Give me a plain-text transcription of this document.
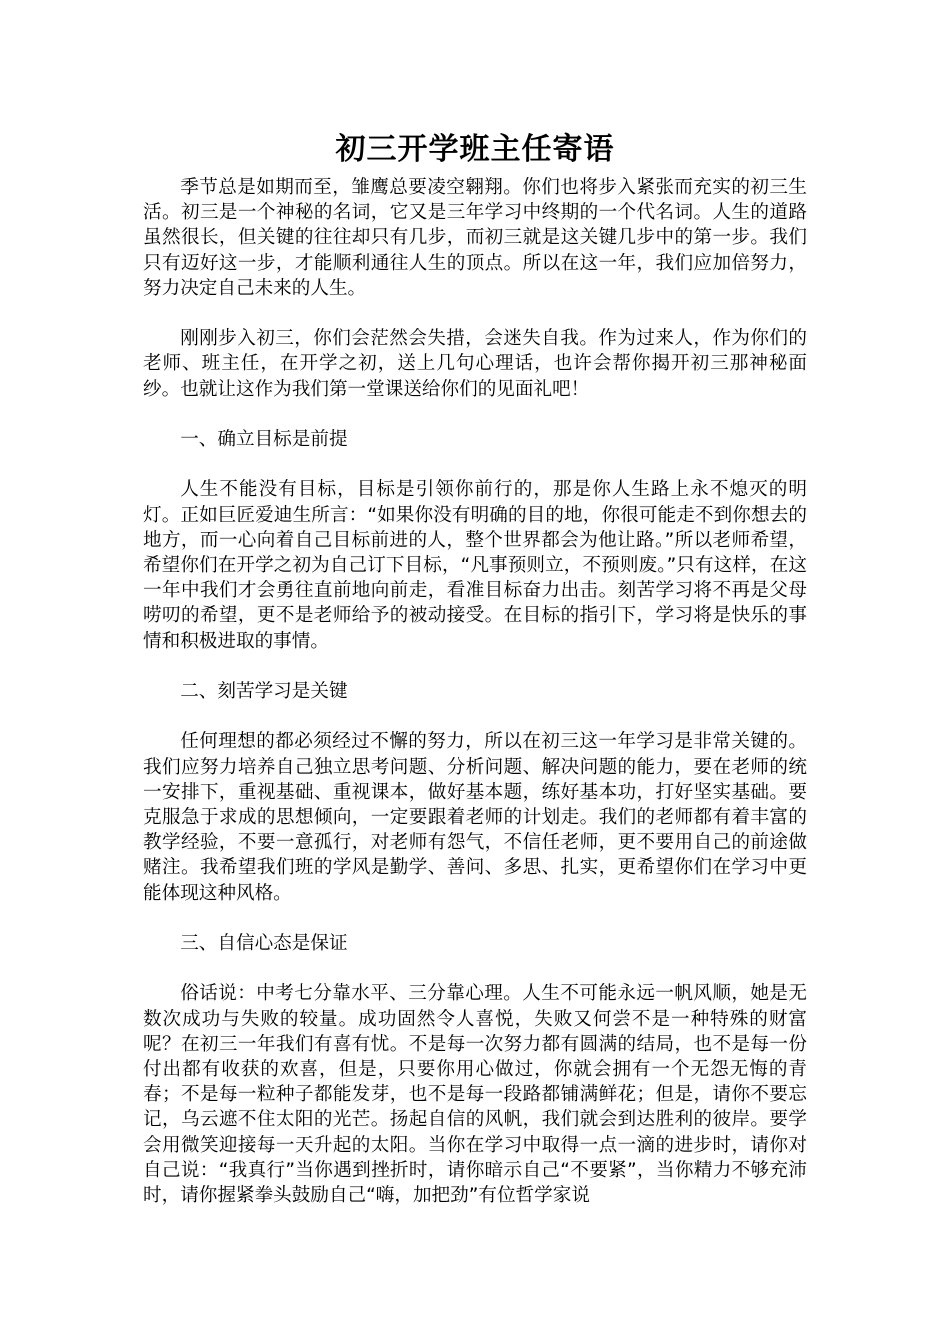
初三开学班主任寄语

季节总是如期而至，雏鹰总要凌空翱翔。你们也将步入紧张而充实的初三生活。初三是一个神秘的名词，它又是三年学习中终期的一个代名词。人生的道路虽然很长，但关键的往往却只有几步，而初三就是这关键几步中的第一步。我们只有迈好这一步，才能顺利通往人生的顶点。所以在这一年，我们应加倍努力，努力决定自己未来的人生。

刚刚步入初三，你们会茫然会失措，会迷失自我。作为过来人，作为你们的老师、班主任，在开学之初，送上几句心理话，也许会帮你揭开初三那神秘面纱。也就让这作为我们第一堂课送给你们的见面礼吧！

一、确立目标是前提

人生不能没有目标，目标是引领你前行的，那是你人生路上永不熄灭的明灯。正如巨匠爱迪生所言：“如果你没有明确的目的地，你很可能走不到你想去的地方，而一心向着自己目标前进的人，整个世界都会为他让路。”所以老师希望，希望你们在开学之初为自己订下目标，“凡事预则立，不预则废。”只有这样，在这一年中我们才会勇往直前地向前走，看准目标奋力出击。刻苦学习将不再是父母唠叨的希望，更不是老师给予的被动接受。在目标的指引下，学习将是快乐的事情和积极进取的事情。

二、刻苦学习是关键

任何理想的都必须经过不懈的努力，所以在初三这一年学习是非常关键的。我们应努力培养自己独立思考问题、分析问题、解决问题的能力，要在老师的统一安排下，重视基础、重视课本，做好基本题，练好基本功，打好坚实基础。要克服急于求成的思想倾向，一定要跟着老师的计划走。我们的老师都有着丰富的教学经验，不要一意孤行，对老师有怨气，不信任老师，更不要用自己的前途做赌注。我希望我们班的学风是勤学、善问、多思、扎实，更希望你们在学习中更能体现这种风格。

三、自信心态是保证

俗话说：中考七分靠水平、三分靠心理。人生不可能永远一帆风顺，她是无数次成功与失败的较量。成功固然令人喜悦，失败又何尝不是一种特殊的财富呢？在初三一年我们有喜有忧。不是每一次努力都有圆满的结局，也不是每一份付出都有收获的欢喜，但是，只要你用心做过，你就会拥有一个无怨无悔的青春；不是每一粒种子都能发芽，也不是每一段路都铺满鲜花；但是，请你不要忘记，乌云遮不住太阳的光芒。扬起自信的风帆，我们就会到达胜利的彼岸。要学会用微笑迎接每一天升起的太阳。当你在学习中取得一点一滴的进步时，请你对自己说：“我真行”当你遇到挫折时，请你暗示自己“不要紧”，当你精力不够充沛时，请你握紧拳头鼓励自己“嗨，加把劲”有位哲学家说
